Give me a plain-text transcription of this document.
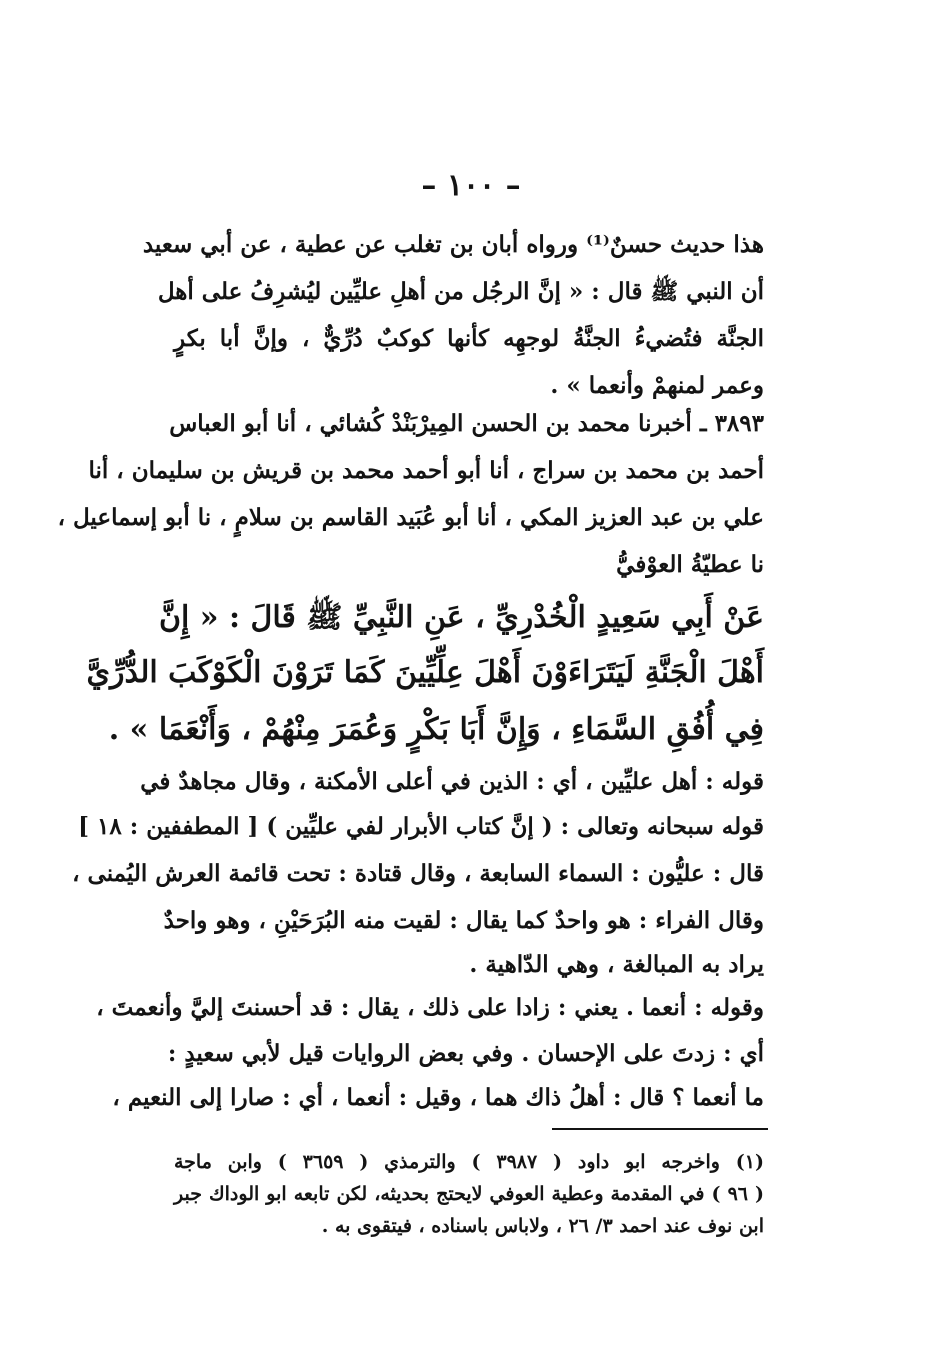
– ١٠٠ –
هذا حديث حسنٌ⁽¹⁾ ورواه أبان بن تغلب عن عطية ، عن أبي سعيد
أن النبي ﷺ قال : « إنَّ الرجُل من أهلِ عليِّين ليُشرِفُ على أهل
الجنَّة فتُضيءُ الجنَّةُ لوجهِه كأنها كوكبٌ دُرِّيٌّ ، وإنَّ أبا بكرٍ
وعمر لمنهمْ وأنعما » .
٣٨٩٣ ـ أخبرنا محمد بن الحسن المِيرْبَنْدْ كُشائي ، أنا أبو العباس
أحمد بن محمد بن سراج ، أنا أبو أحمد محمد بن قريش بن سليمان ، أنا
علي بن عبد العزيز المكي ، أنا أبو عُبَيد القاسم بن سلامٍ ، نا أبو إسماعيل ،
نا عطيّةُ العوْفيُّ
عَنْ أَبِي سَعِيدٍ الْخُدْرِيِّ ، عَنِ النَّبِيِّ ﷺ قَالَ : « إِنَّ
أَهْلَ الْجَنَّةِ لَيَتَرَاءَوْنَ أَهْلَ عِلِّيِّينَ كَمَا تَرَوْنَ الْكَوْكَبَ الدُّرِّيَّ
فِي أُفُقِ السَّمَاءِ ، وَإِنَّ أَبَا بَكْرٍ وَعُمَرَ مِنْهُمْ ، وَأَنْعَمَا » .
قوله : أهل عليِّين ، أي : الذين في أعلى الأمكنة ، وقال مجاهدٌ في
قوله سبحانه وتعالى : ( إنَّ كتاب الأبرار لفي عليِّين ) [ المطففين : ١٨ ]
قال : عليُّون : السماء السابعة ، وقال قتادة : تحت قائمة العرش اليُمنى ،
وقال الفراء : هو واحدٌ كما يقال : لقيت منه البُرَحَيْنِ ، وهو واحدٌ
يراد به المبالغة ، وهي الدّاهية .
وقوله : أنعما . يعني : زادا على ذلك ، يقال : قد أحسنتَ إليَّ وأنعمتَ ،
أي : زدتَ على الإحسان . وفي بعض الروايات قيل لأبي سعيدٍ :
ما أنعما ؟ قال : أهلُ ذاك هما ، وقيل : أنعما ، أي : صارا إلى النعيم ،
(١) واخرجه ابو داود ( ٣٩٨٧ ) والترمذي ( ٣٦٥٩ ) وابن ماجة
( ٩٦ ) في المقدمة وعطية العوفي لايحتج بحديثه، لكن تابعه ابو الوداك جبر
ابن نوف عند احمد ٣/ ٢٦ ، ولاباس باسناده ، فيتقوى به .
